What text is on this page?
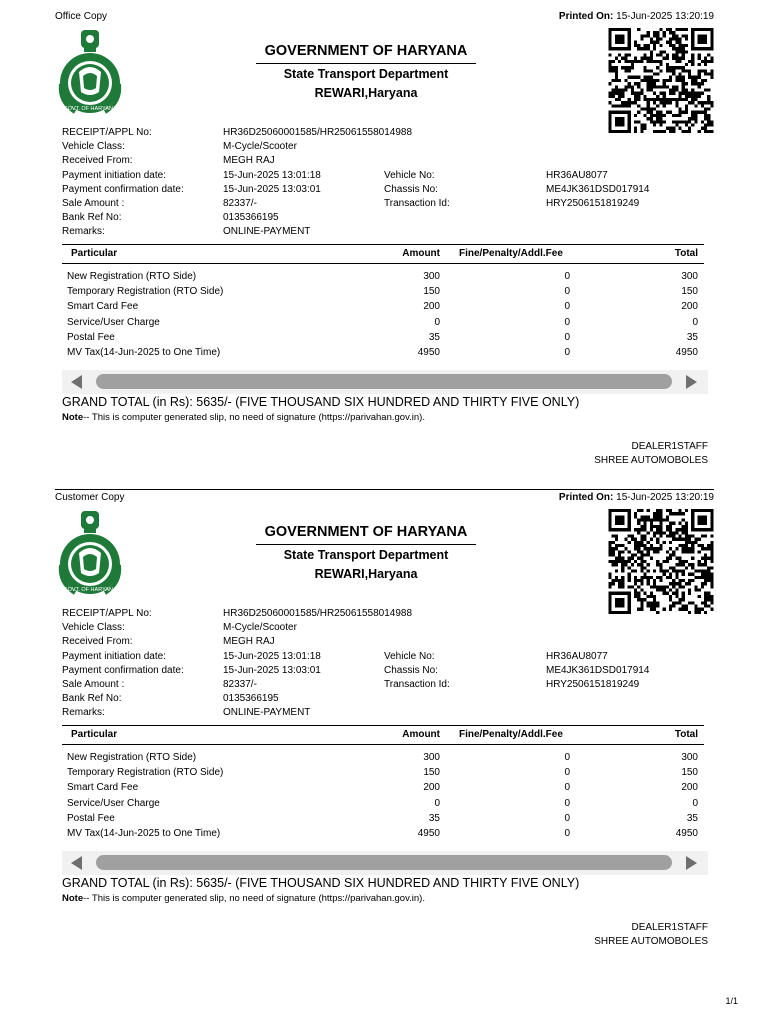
Office Copy	Printed On: 15-Jun-2025 13:20:19
GOVT. OF HARYANA
GOVERNMENT OF HARYANA
State Transport Department
REWARI,Haryana
RECEIPT/APPL No:	HR36D25060001585/HR25061558014988
Vehicle Class:	M-Cycle/Scooter
Received From:	MEGH RAJ
Payment initiation date:	15-Jun-2025 13:01:18	Vehicle No:	HR36AU8077
Payment confirmation date:	15-Jun-2025 13:03:01	Chassis No:	ME4JK361DSD017914
Sale Amount :	82337/-	Transaction Id:	HRY2506151819249
Bank Ref No:	0135366195
Remarks:	ONLINE-PAYMENT
Particular	Amount Fine/Penalty/Addl.Fee	Total
New Registration (RTO Side)	300	0	300
Temporary Registration (RTO Side)	150	0	150
Smart Card Fee	200	0	200
Service/User Charge	0	0	0
Postal Fee	35	0	35
MV Tax(14-Jun-2025 to One Time)	4950	0	4950
GRAND TOTAL (in Rs): 5635/- (FIVE THOUSAND SIX HUNDRED AND THIRTY FIVE ONLY)
Note-- This is computer generated slip, no need of signature (https://parivahan.gov.in).
DEALER1STAFF
SHREE AUTOMOBOLES
Customer Copy	Printed On: 15-Jun-2025 13:20:19
GOVT. OF HARYANA
GOVERNMENT OF HARYANA
State Transport Department
REWARI,Haryana
RECEIPT/APPL No:	HR36D25060001585/HR25061558014988
Vehicle Class:	M-Cycle/Scooter
Received From:	MEGH RAJ
Payment initiation date:	15-Jun-2025 13:01:18	Vehicle No:	HR36AU8077
Payment confirmation date:	15-Jun-2025 13:03:01	Chassis No:	ME4JK361DSD017914
Sale Amount :	82337/-	Transaction Id:	HRY2506151819249
Bank Ref No:	0135366195
Remarks:	ONLINE-PAYMENT
Particular	Amount Fine/Penalty/Addl.Fee	Total
New Registration (RTO Side)	300	0	300
Temporary Registration (RTO Side)	150	0	150
Smart Card Fee	200	0	200
Service/User Charge	0	0	0
Postal Fee	35	0	35
MV Tax(14-Jun-2025 to One Time)	4950	0	4950
GRAND TOTAL (in Rs): 5635/- (FIVE THOUSAND SIX HUNDRED AND THIRTY FIVE ONLY)
Note-- This is computer generated slip, no need of signature (https://parivahan.gov.in).
DEALER1STAFF
SHREE AUTOMOBOLES
1/1
